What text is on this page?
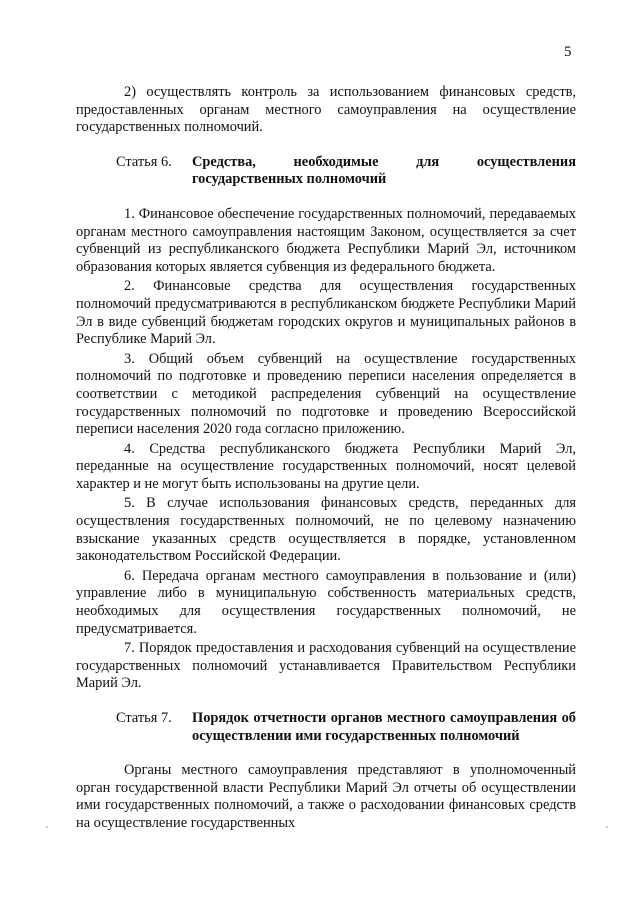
5

2) осуществлять контроль за использованием финансовых средств, предоставленных органам местного самоуправления на осуществление государственных полномочий.

Статья 6.	Средства,	необходимые	для	осуществления
государственных полномочий

1. Финансовое обеспечение государственных полномочий, передаваемых органам местного самоуправления настоящим Законом, осуществляется за счет субвенций из республиканского бюджета Республики Марий Эл, источником образования которых является субвенция из федерального бюджета.

2. Финансовые средства для осуществления государственных полномочий предусматриваются в республиканском бюджете Республики Марий Эл в виде субвенций бюджетам городских округов и муниципальных районов в Республике Марий Эл.

3. Общий объем субвенций на осуществление государственных полномочий по подготовке и проведению переписи населения определяется в соответствии с методикой распределения субвенций на осуществление государственных полномочий по подготовке и проведению Всероссийской переписи населения 2020 года согласно приложению.

4. Средства республиканского бюджета Республики Марий Эл, переданные на осуществление государственных полномочий, носят целевой характер и не могут быть использованы на другие цели.

5. В случае использования финансовых средств, переданных для осуществления государственных полномочий, не по целевому назначению взыскание указанных средств осуществляется в порядке, установленном законодательством Российской Федерации.

6. Передача органам местного самоуправления в пользование и (или) управление либо в муниципальную собственность материальных средств, необходимых для осуществления государственных полномочий, не предусматривается.

7. Порядок предоставления и расходования субвенций на осуществление государственных полномочий устанавливается Правительством Республики Марий Эл.

Статья 7.	Порядок отчетности органов местного самоуправления об осуществлении ими государственных полномочий

Органы местного самоуправления представляют в уполномоченный орган государственной власти Республики Марий Эл отчеты об осуществлении ими государственных полномочий, а также о расходовании финансовых средств на осуществление государственных
